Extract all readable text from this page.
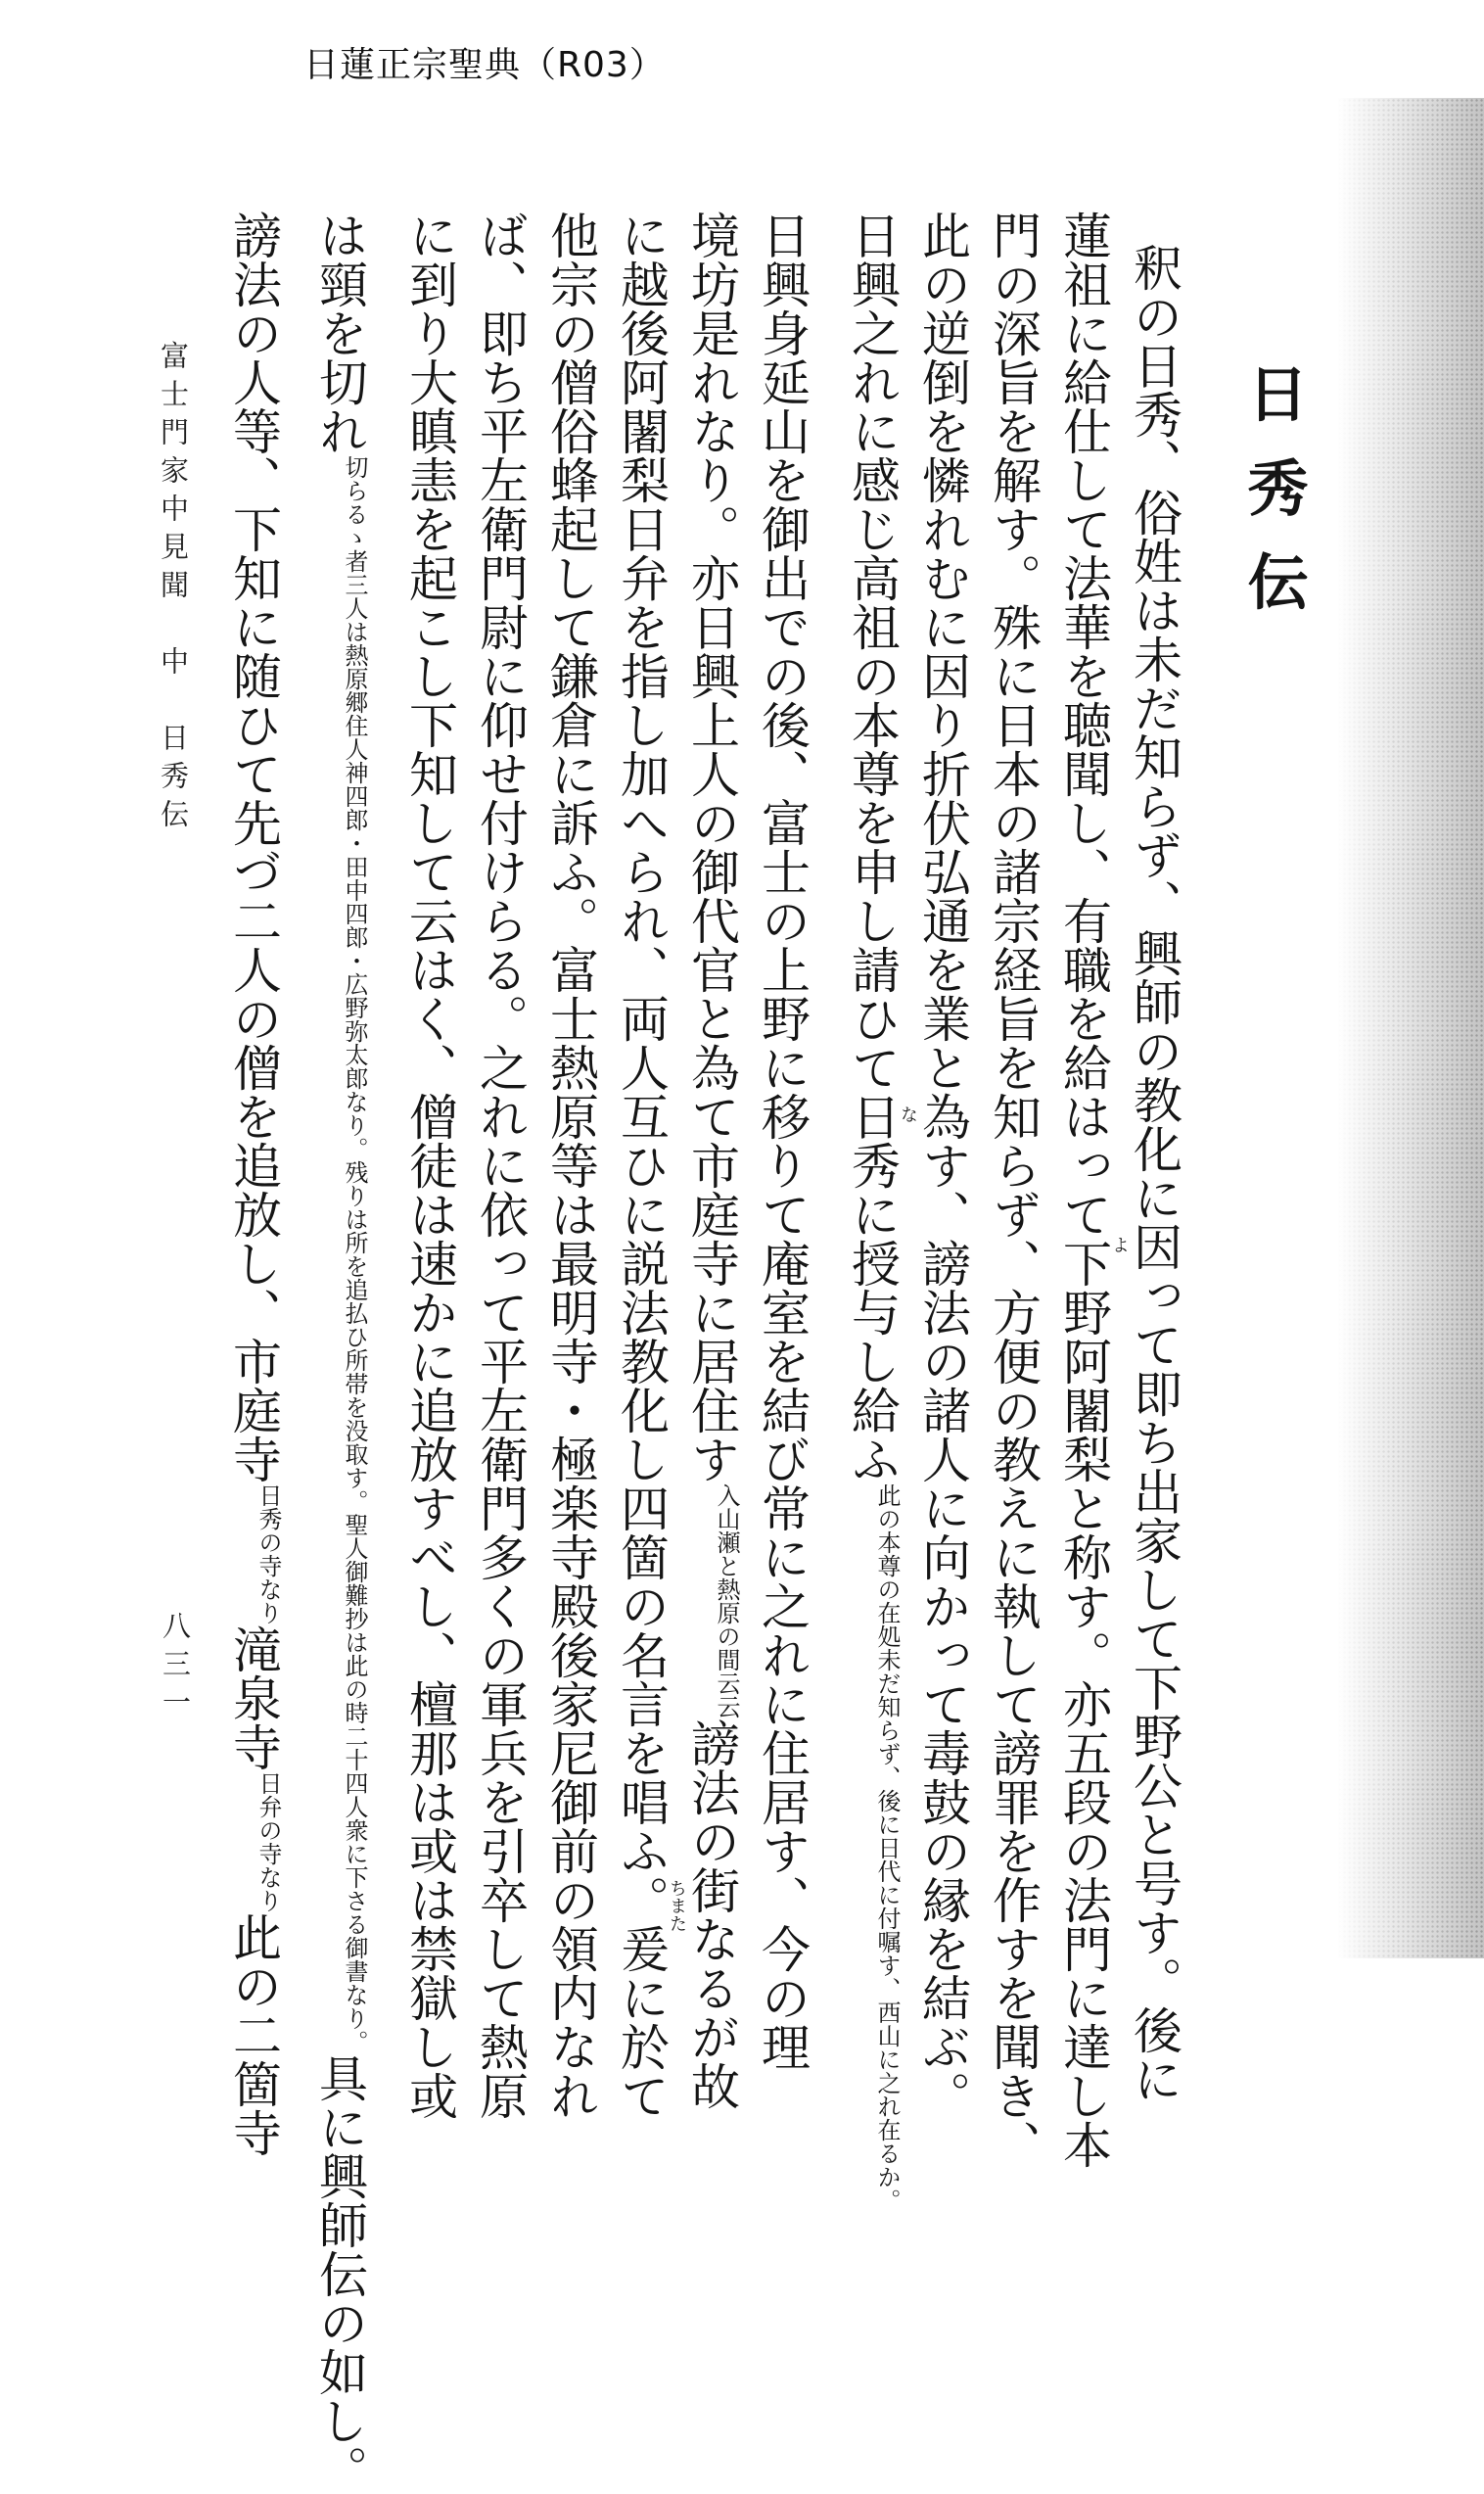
日蓮正宗聖典（R03）
日秀伝
釈の日秀、俗姓は未だ知らず、興師の教化に因
よ
って即ち出家して下野公と号す。後に
蓮祖に給仕して法華を聴聞し、有職を給はって下野阿闍梨と称す。亦五段の法門に達し本
門の深旨を解す。殊に日本の諸宗経旨を知らず、方便の教えに執して謗罪を作すを聞き、
此の逆倒を憐れむに因り折伏弘通を業と為
な
す、謗法の諸人に向かって毒鼓の縁を結ぶ。
日興之れに感じ高祖の本尊を申し請ひて日秀に授与し給ふ此の本尊の在処未だ知らず、後に日代に付嘱す、西山に之れ在るか。
日興身延山を御出での後、富士の上野に移りて庵室を結び常に之れに住居す、今の理
境坊是れなり。亦日興上人の御代官と為て市庭寺に居住す入山瀬と熱原の間云云謗法の街
ちまた
なるが故
に越後阿闍梨日弁を指し加へられ、両人互ひに説法教化し四箇の名言を唱ふ。爰に於て
他宗の僧俗蜂起して鎌倉に訴ふ。富士熱原等は最明寺・極楽寺殿後家尼御前の領内なれ
ば、即ち平左衛門尉に仰せ付けらる。之れに依って平左衛門多くの軍兵を引卒して熱原
に到り大瞋恚を起こし下知して云はく、僧徒は速かに追放すべし、檀那は或は禁獄し或
は頸を切れ切らるゝ者三人は熱原郷住人神四郎・田中四郎・広野弥太郎なり。残りは所を追払ひ所帯を没取す。聖人御難抄は此の時二十四人衆に下さる御書なり。具に興師伝の如し。
謗法の人等、下知に随ひて先づ二人の僧を追放し、市庭寺日秀の寺なり滝泉寺日弁の寺なり此の二箇寺
富士門家中見聞　中　日秀伝
八三一
